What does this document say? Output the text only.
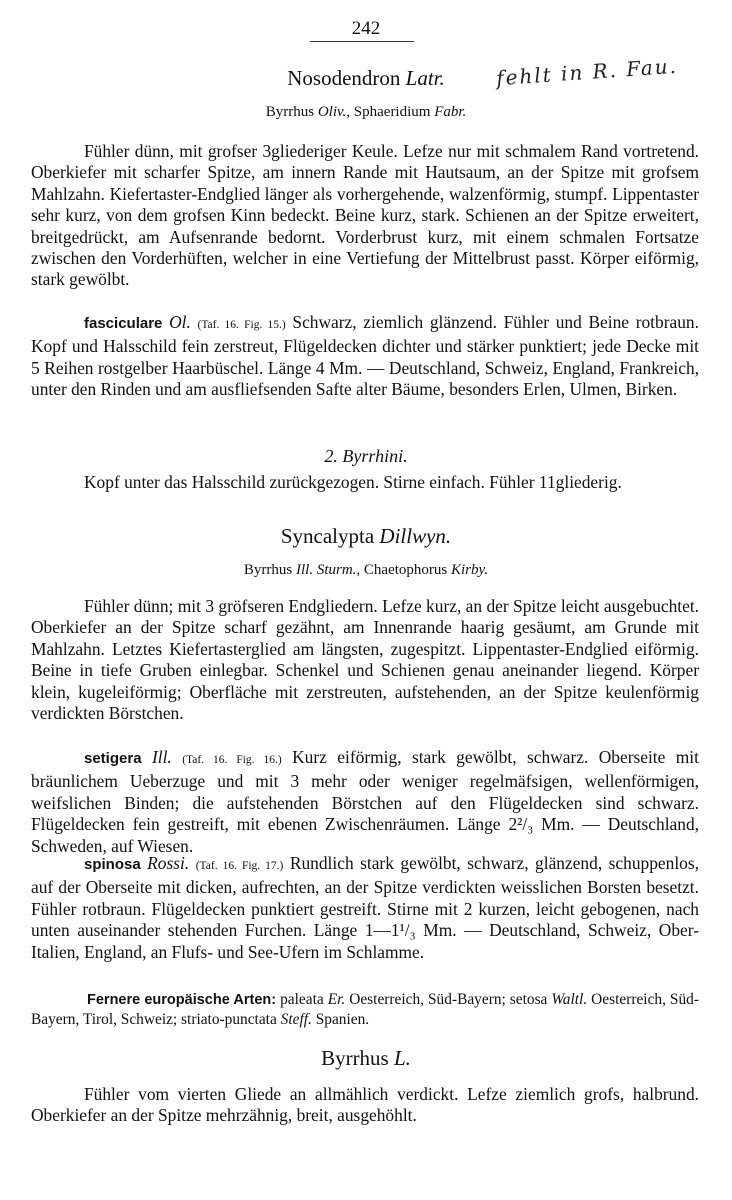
242
fehlt in R. Fau.
Nosodendron Latr.
Byrrhus Oliv., Sphaeridium Fabr.
Fühler dünn, mit grofser 3gliederiger Keule. Lefze nur mit schmalem Rand vortretend. Oberkiefer mit scharfer Spitze, am innern Rande mit Hautsaum, an der Spitze mit grofsem Mahlzahn. Kiefertaster-Endglied länger als vorhergehende, walzenförmig, stumpf. Lippentaster sehr kurz, von dem grofsen Kinn bedeckt. Beine kurz, stark. Schienen an der Spitze erweitert, breitgedrückt, am Aufsenrande bedornt. Vorderbrust kurz, mit einem schmalen Fortsatze zwischen den Vorderhüften, welcher in eine Vertiefung der Mittelbrust passt. Körper eiförmig, stark gewölbt.
fasciculare Ol. (Taf. 16. Fig. 15.) Schwarz, ziemlich glänzend. Fühler und Beine rotbraun. Kopf und Halsschild fein zerstreut, Flügeldecken dichter und stärker punktiert; jede Decke mit 5 Reihen rostgelber Haarbüschel. Länge 4 Mm. — Deutschland, Schweiz, England, Frankreich, unter den Rinden und am ausfliefsenden Safte alter Bäume, besonders Erlen, Ulmen, Birken.
2. Byrrhini.
Kopf unter das Halsschild zurückgezogen. Stirne einfach. Fühler 11gliederig.
Syncalypta Dillwyn.
Byrrhus Ill. Sturm., Chaetophorus Kirby.
Fühler dünn; mit 3 gröfseren Endgliedern. Lefze kurz, an der Spitze leicht ausgebuchtet. Oberkiefer an der Spitze scharf gezähnt, am Innenrande haarig gesäumt, am Grunde mit Mahlzahn. Letztes Kiefertasterglied am längsten, zugespitzt. Lippentaster-Endglied eiförmig. Beine in tiefe Gruben einlegbar. Schenkel und Schienen genau aneinander liegend. Körper klein, kugeleiförmig; Oberfläche mit zerstreuten, aufstehenden, an der Spitze keulenförmig verdickten Börstchen.
setigera Ill. (Taf. 16. Fig. 16.) Kurz eiförmig, stark gewölbt, schwarz. Oberseite mit bräunlichem Ueberzuge und mit 3 mehr oder weniger regelmäfsigen, wellenförmigen, weifslichen Binden; die aufstehenden Börstchen auf den Flügeldecken sind schwarz. Flügeldecken fein gestreift, mit ebenen Zwischenräumen. Länge 2²/₃ Mm. — Deutschland, Schweden, auf Wiesen.
spinosa Rossi. (Taf. 16. Fig. 17.) Rundlich stark gewölbt, schwarz, glänzend, schuppenlos, auf der Oberseite mit dicken, aufrechten, an der Spitze verdickten weisslichen Borsten besetzt. Fühler rotbraun. Flügeldecken punktiert gestreift. Stirne mit 2 kurzen, leicht gebogenen, nach unten auseinander stehenden Furchen. Länge 1—1¹/₃ Mm. — Deutschland, Schweiz, Ober-Italien, England, an Flufs- und See-Ufern im Schlamme.
Fernere europäische Arten: paleata Er. Oesterreich, Süd-Bayern; setosa Waltl. Oesterreich, Süd-Bayern, Tirol, Schweiz; striato-punctata Steff. Spanien.
Byrrhus L.
Fühler vom vierten Gliede an allmählich verdickt. Lefze ziemlich grofs, halbrund. Oberkiefer an der Spitze mehrzähnig, breit, ausgehöhlt.
